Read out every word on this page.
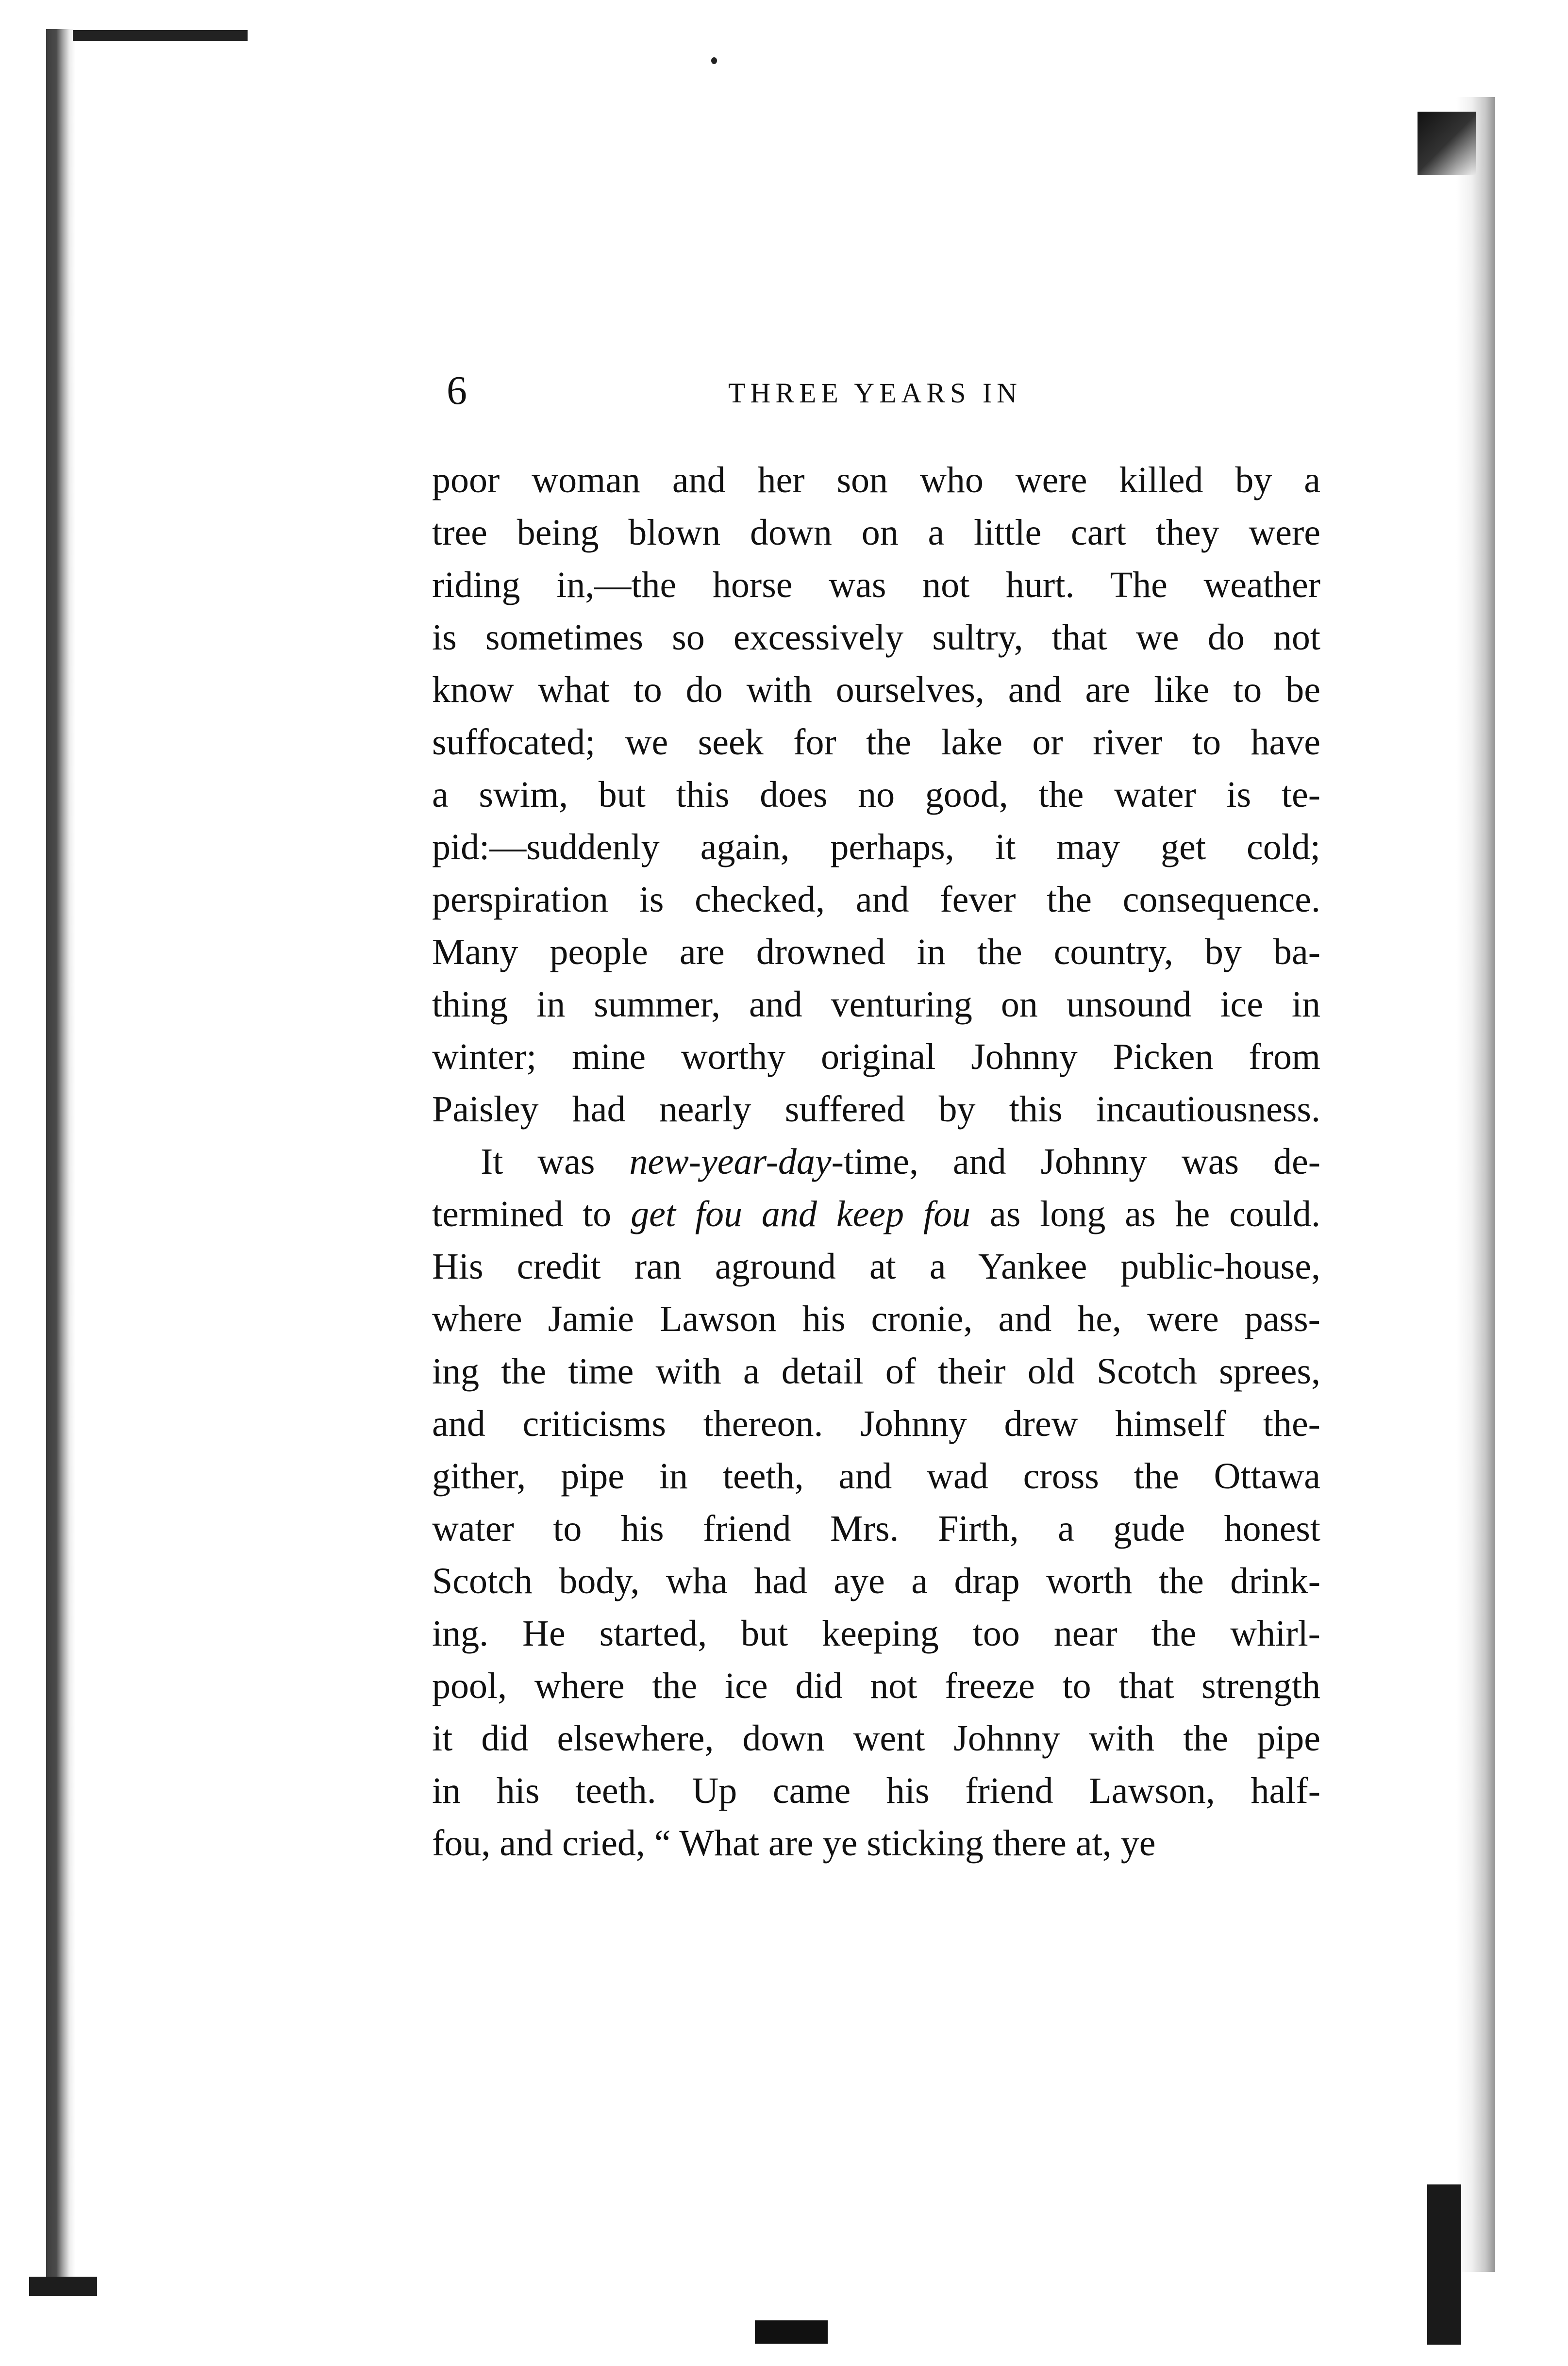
6	THREE YEARS IN
poor woman and her son who were killed by a
tree being blown down on a little cart they were
riding in,—the horse was not hurt. The weather
is sometimes so excessively sultry, that we do not
know what to do with ourselves, and are like to be
suffocated; we seek for the lake or river to have
a swim, but this does no good, the water is te-
pid:—suddenly again, perhaps, it may get cold;
perspiration is checked, and fever the consequence.
Many people are drowned in the country, by ba-
thing in summer, and venturing on unsound ice in
winter; mine worthy original Johnny Picken from
Paisley had nearly suffered by this incautiousness.
It was new-year-day-time, and Johnny was de-
termined to get fou and keep fou as long as he could.
His credit ran aground at a Yankee public-house,
where Jamie Lawson his cronie, and he, were pass-
ing the time with a detail of their old Scotch sprees,
and criticisms thereon. Johnny drew himself the-
gither, pipe in teeth, and wad cross the Ottawa
water to his friend Mrs. Firth, a gude honest
Scotch body, wha had aye a drap worth the drink-
ing. He started, but keeping too near the whirl-
pool, where the ice did not freeze to that strength
it did elsewhere, down went Johnny with the pipe
in his teeth. Up came his friend Lawson, half-
fou, and cried, “ What are ye sticking there at, ye
